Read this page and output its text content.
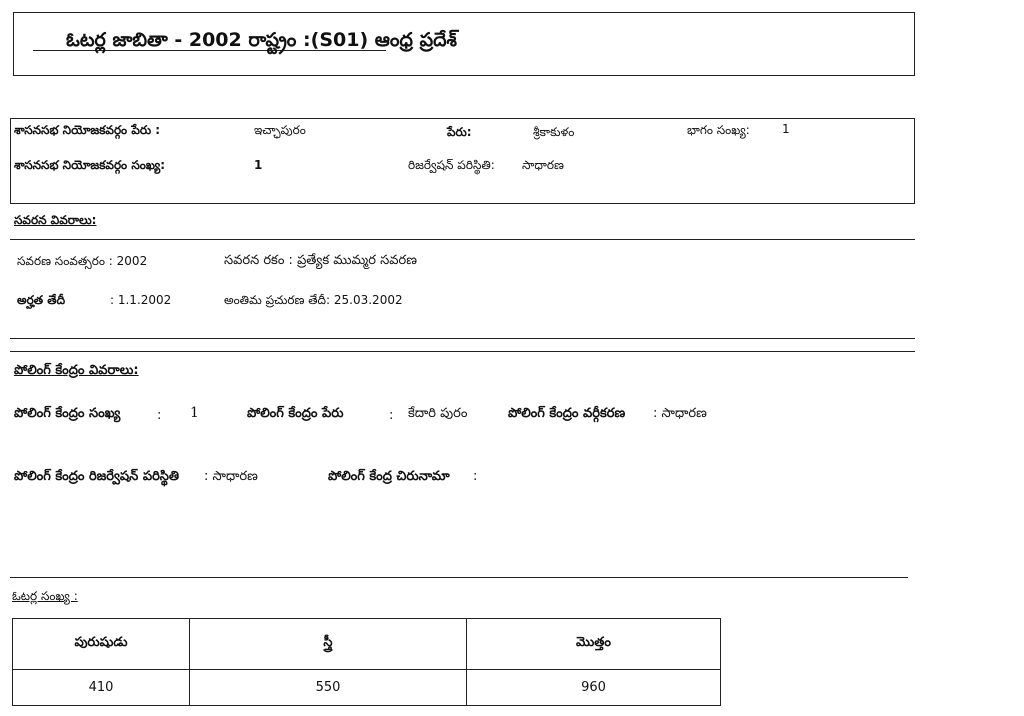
ఓటర్ల జాబితా - 2002 రాష్ట్రం :(S01) ఆంధ్ర ప్రదేశ్
శాసనసభ నియోజకవర్గం పేరు :	ఇచ్ఛాపురం	పేరు:	శ్రీకాకుళం	భాగం సంఖ్య:	1
శాసనసభ నియోజకవర్గం సంఖ్య:	1	రిజర్వేషన్ పరిస్థితి: సాధారణ
సవరన వివరాలు:
సవరణ సంవత్సరం : 2002	సవరన రకం : ప్రత్యేక ముమ్మర సవరణ
అర్హత తేదీ	: 1.1.2002	అంతిమ ప్రచురణ తేదీ: 25.03.2002
పోలింగ్ కేంద్రం వివరాలు:
పోలింగ్ కేంద్రం సంఖ్య	: 1	పోలింగ్ కేంద్రం పేరు	: కేదారి పురం	పోలింగ్ కేంద్రం వర్గీకరణ : సాధారణ
పోలింగ్ కేంద్రం రిజర్వేషన్ పరిస్థితి : సాధారణ	పోలింగ్ కేంద్ర చిరునామా :
ఓటర్ల సంఖ్య :
పురుషుడు	స్త్రీ	మొత్తం
410	550	960
